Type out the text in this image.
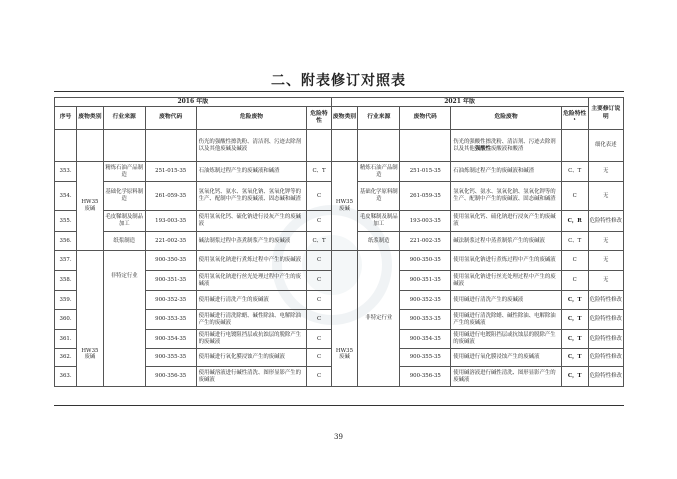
二、附表修订对照表
2016 年版						2021 年版					主要修订说明
序号	废物类别	行业来源	废物代码	危险废物	危险特性	废物类别	行业来源	废物代码	危险废物	危险特性¹	
				伤光的强酸性擦洗粉、清洁剂、污迹去除剂以及其他废碱及碱液					伤光的强酸性擦洗粉、清洁剂、污迹去除剂以及其他强酸性废酸液和酸渣		细化表述
353.	HW35 废碱	精炼石油产品制造	251-015-35	石油炼制过程产生的废碱液和碱渣	C、T	HW35 废碱	精炼石油产品制造	251-015-35	石油炼制过程产生的废碱液和碱渣	C、T	无
354.		基础化学原料制造	261-059-35	氢氧化钙、氨水、氢氧化钠、氢氧化钾等的生产、配制中产生的废碱液、固态碱和碱渣	C		基础化学原料制造	261-059-35	氢氧化钙、氨水、氢氧化钠、氢氧化钾等的生产、配制中产生的废碱液、固态碱和碱渣	C	无
355.		毛皮鞣制及制品加工	193-003-35	使用氢氧化钙、硫化钠进行浸灰产生的废碱液	C		毛皮鞣制及制品加工	193-003-35	使用氢氧化钙、硫化钠进行浸灰产生的废碱液	C，R	危险特性修改
356.		纸浆制造	221-002-35	碱法制浆过程中蒸煮制浆产生的废碱液	C、T		纸浆制造	221-002-35	碱法制浆过程中蒸煮制浆产生的废碱液	C、T	无
357.	HW35 废碱	非特定行业	900-350-35	使用氢氧化钠进行煮炼过程中产生的废碱液	C	HW35 废碱	非特定行业	900-350-35	使用氢氧化钠进行煮炼过程中产生的废碱液	C	无
358.			900-351-35	使用氢氧化钠进行丝光处理过程中产生的废碱液	C			900-351-35	使用氢氧化钠进行丝光处理过程中产生的废碱液	C	无
359.			900-352-35	使用碱进行清洗产生的废碱液	C			900-352-35	使用碱进行清洗产生的废碱液	C，T	危险特性修改
360.			900-353-35	使用碱进行清洗除蜡、碱性除油、电解除油产生的废碱液	C			900-353-35	使用碱进行清洗除蜡、碱性除油、电解除油产生的废碱液	C，T	危险特性修改
361.			900-354-35	使用碱进行电镀阻挡层或抗蚀层的脱除产生的废碱液	C			900-354-35	使用碱进行电镀阻挡层或抗蚀层的脱除产生的废碱液	C，T	危险特性修改
362.			900-355-35	使用碱进行氧化膜浸蚀产生的废碱液	C			900-355-35	使用碱进行氧化膜浸蚀产生的废碱液	C，T	危险特性修改
363.			900-356-35	使用碱溶液进行碱性清洗、图形显影产生的废碱液	C			900-356-35	使用碱溶液进行碱性清洗、图形显影产生的废碱液	C，T	危险特性修改
39
